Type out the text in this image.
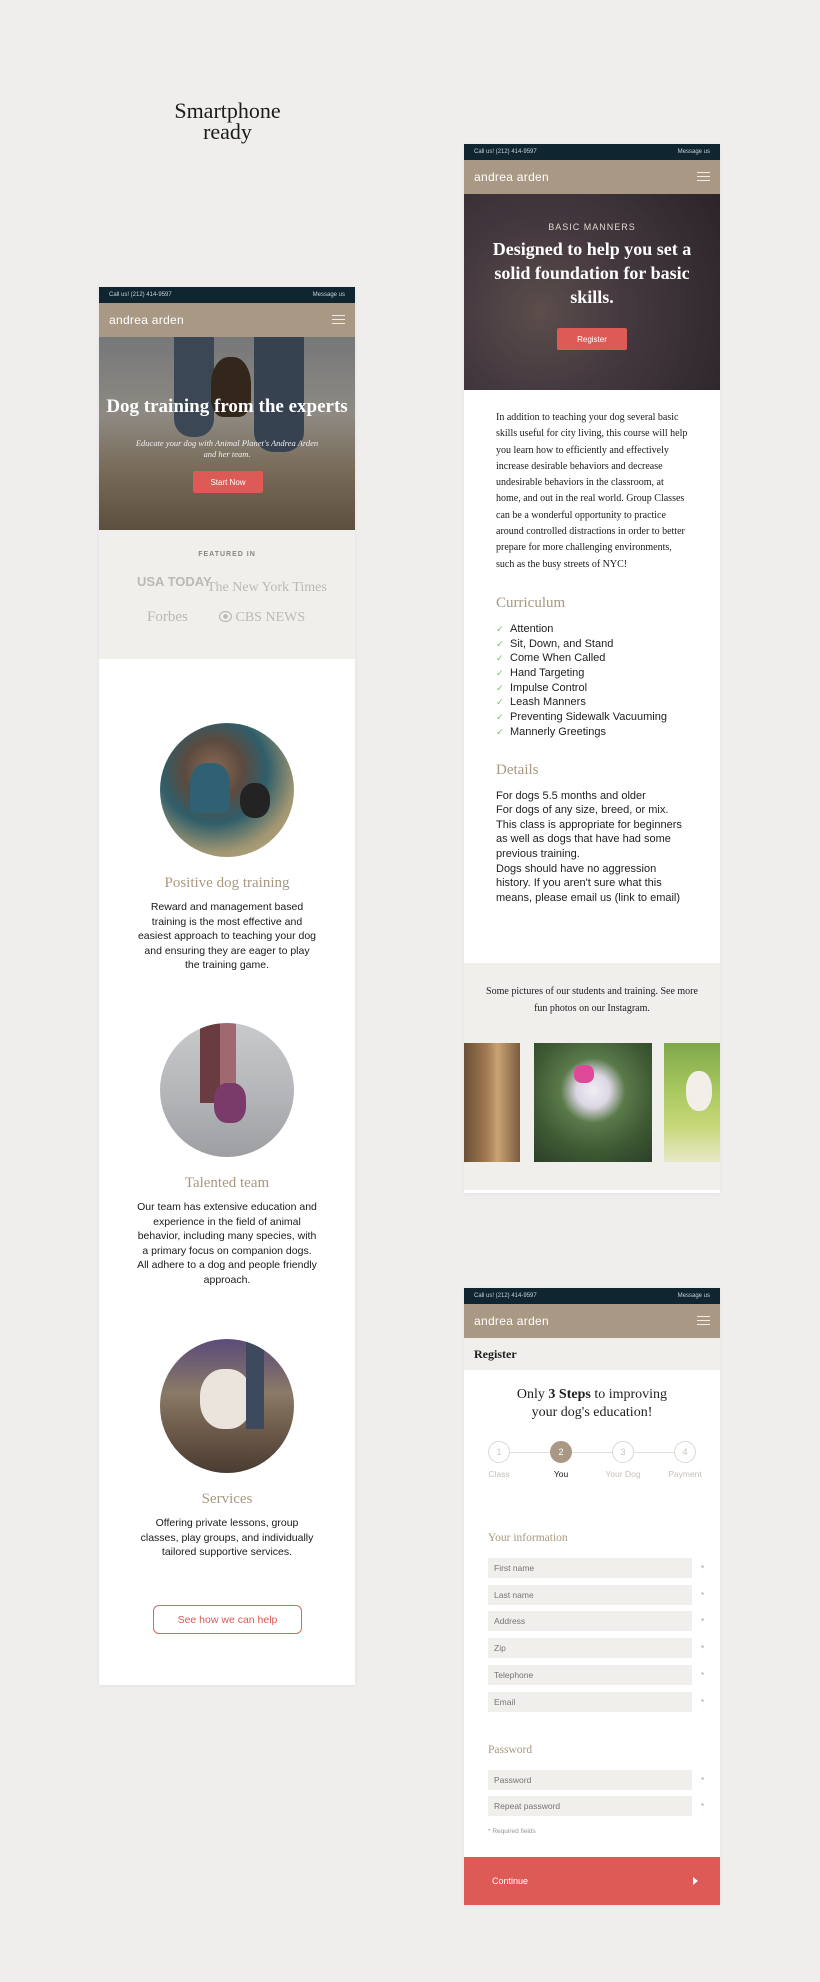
Smartphone
ready
Call us! (212) 414-9597	Message us
andrea arden
Dog training from the experts
Educate your dog with Animal Planet's Andrea Arden and her team.
Start Now
FEATURED IN
USA TODAY
The New York Times
Forbes	CBS NEWS
Positive dog training

Reward and management based training is the most effective and easiest approach to teaching your dog and ensuring they are eager to play the training game.

Talented team

Our team has extensive education and experience in the field of animal behavior, including many species, with a primary focus on companion dogs. All adhere to a dog and people friendly approach.

Services

Offering private lessons, group classes, play groups, and individually tailored supportive services.

See how we can help
Call us! (212) 414-9597	Message us
andrea arden
BASIC MANNERS
Designed to help you set a solid foundation for basic skills.
Register
In addition to teaching your dog several basic skills useful for city living, this course will help you learn how to efficiently and effectively increase desirable behaviors and decrease undesirable behaviors in the classroom, at home, and out in the real world. Group Classes can be a wonderful opportunity to practice around controlled distractions in order to better prepare for more challenging environments, such as the busy streets of NYC!
Curriculum
✓ Attention
✓ Sit, Down, and Stand
✓ Come When Called
✓ Hand Targeting
✓ Impulse Control
✓ Leash Manners
✓ Preventing Sidewalk Vacuuming
✓ Mannerly Greetings
Details
For dogs 5.5 months and older
For dogs of any size, breed, or mix.
This class is appropriate for beginners as well as dogs that have had some previous training.
Dogs should have no aggression history. If you aren't sure what this means, please email us (link to email)

Some pictures of our students and training. See more fun photos on our Instagram.

Call us! (212) 414-9597	Message us
andrea arden
Register
Only 3 Steps to improving your dog's education!
1
Class
2
You
3
Your Dog
4
Payment
Your information
First name
*
Last name
*
Address
*
Zip
*
Telephone
*
Email
*
Password
*
*
* Required fields
Continue
